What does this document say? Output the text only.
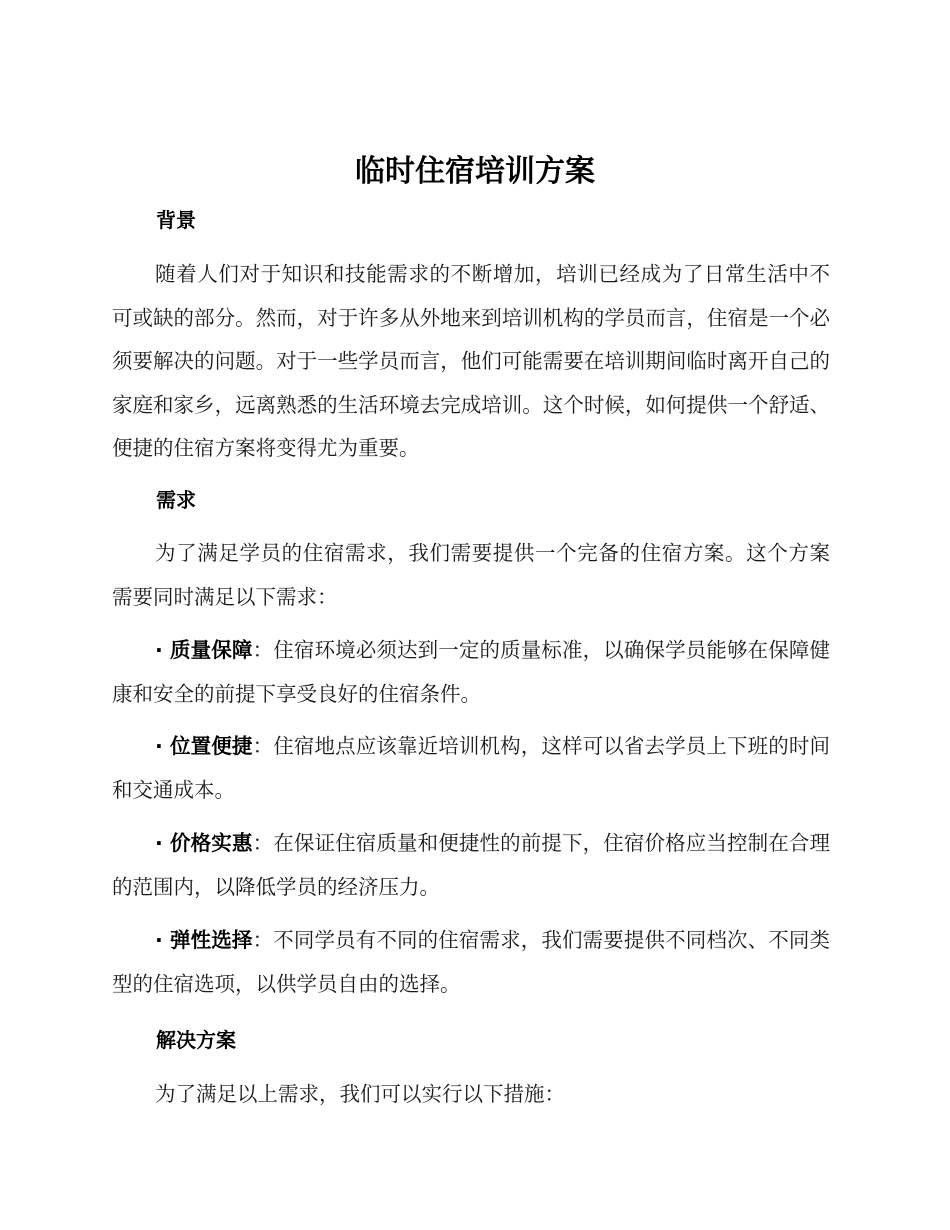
临时住宿培训方案
背景

随着人们对于知识和技能需求的不断增加，培训已经成为了日常生活中不可或缺的部分。然而，对于许多从外地来到培训机构的学员而言，住宿是一个必须要解决的问题。对于一些学员而言，他们可能需要在培训期间临时离开自己的家庭和家乡，远离熟悉的生活环境去完成培训。这个时候，如何提供一个舒适、便捷的住宿方案将变得尤为重要。

需求

为了满足学员的住宿需求，我们需要提供一个完备的住宿方案。这个方案需要同时满足以下需求：

· 质量保障：住宿环境必须达到一定的质量标准，以确保学员能够在保障健康和安全的前提下享受良好的住宿条件。

· 位置便捷：住宿地点应该靠近培训机构，这样可以省去学员上下班的时间和交通成本。

· 价格实惠：在保证住宿质量和便捷性的前提下，住宿价格应当控制在合理的范围内，以降低学员的经济压力。

· 弹性选择：不同学员有不同的住宿需求，我们需要提供不同档次、不同类型的住宿选项，以供学员自由的选择。

解决方案

为了满足以上需求，我们可以实行以下措施：
